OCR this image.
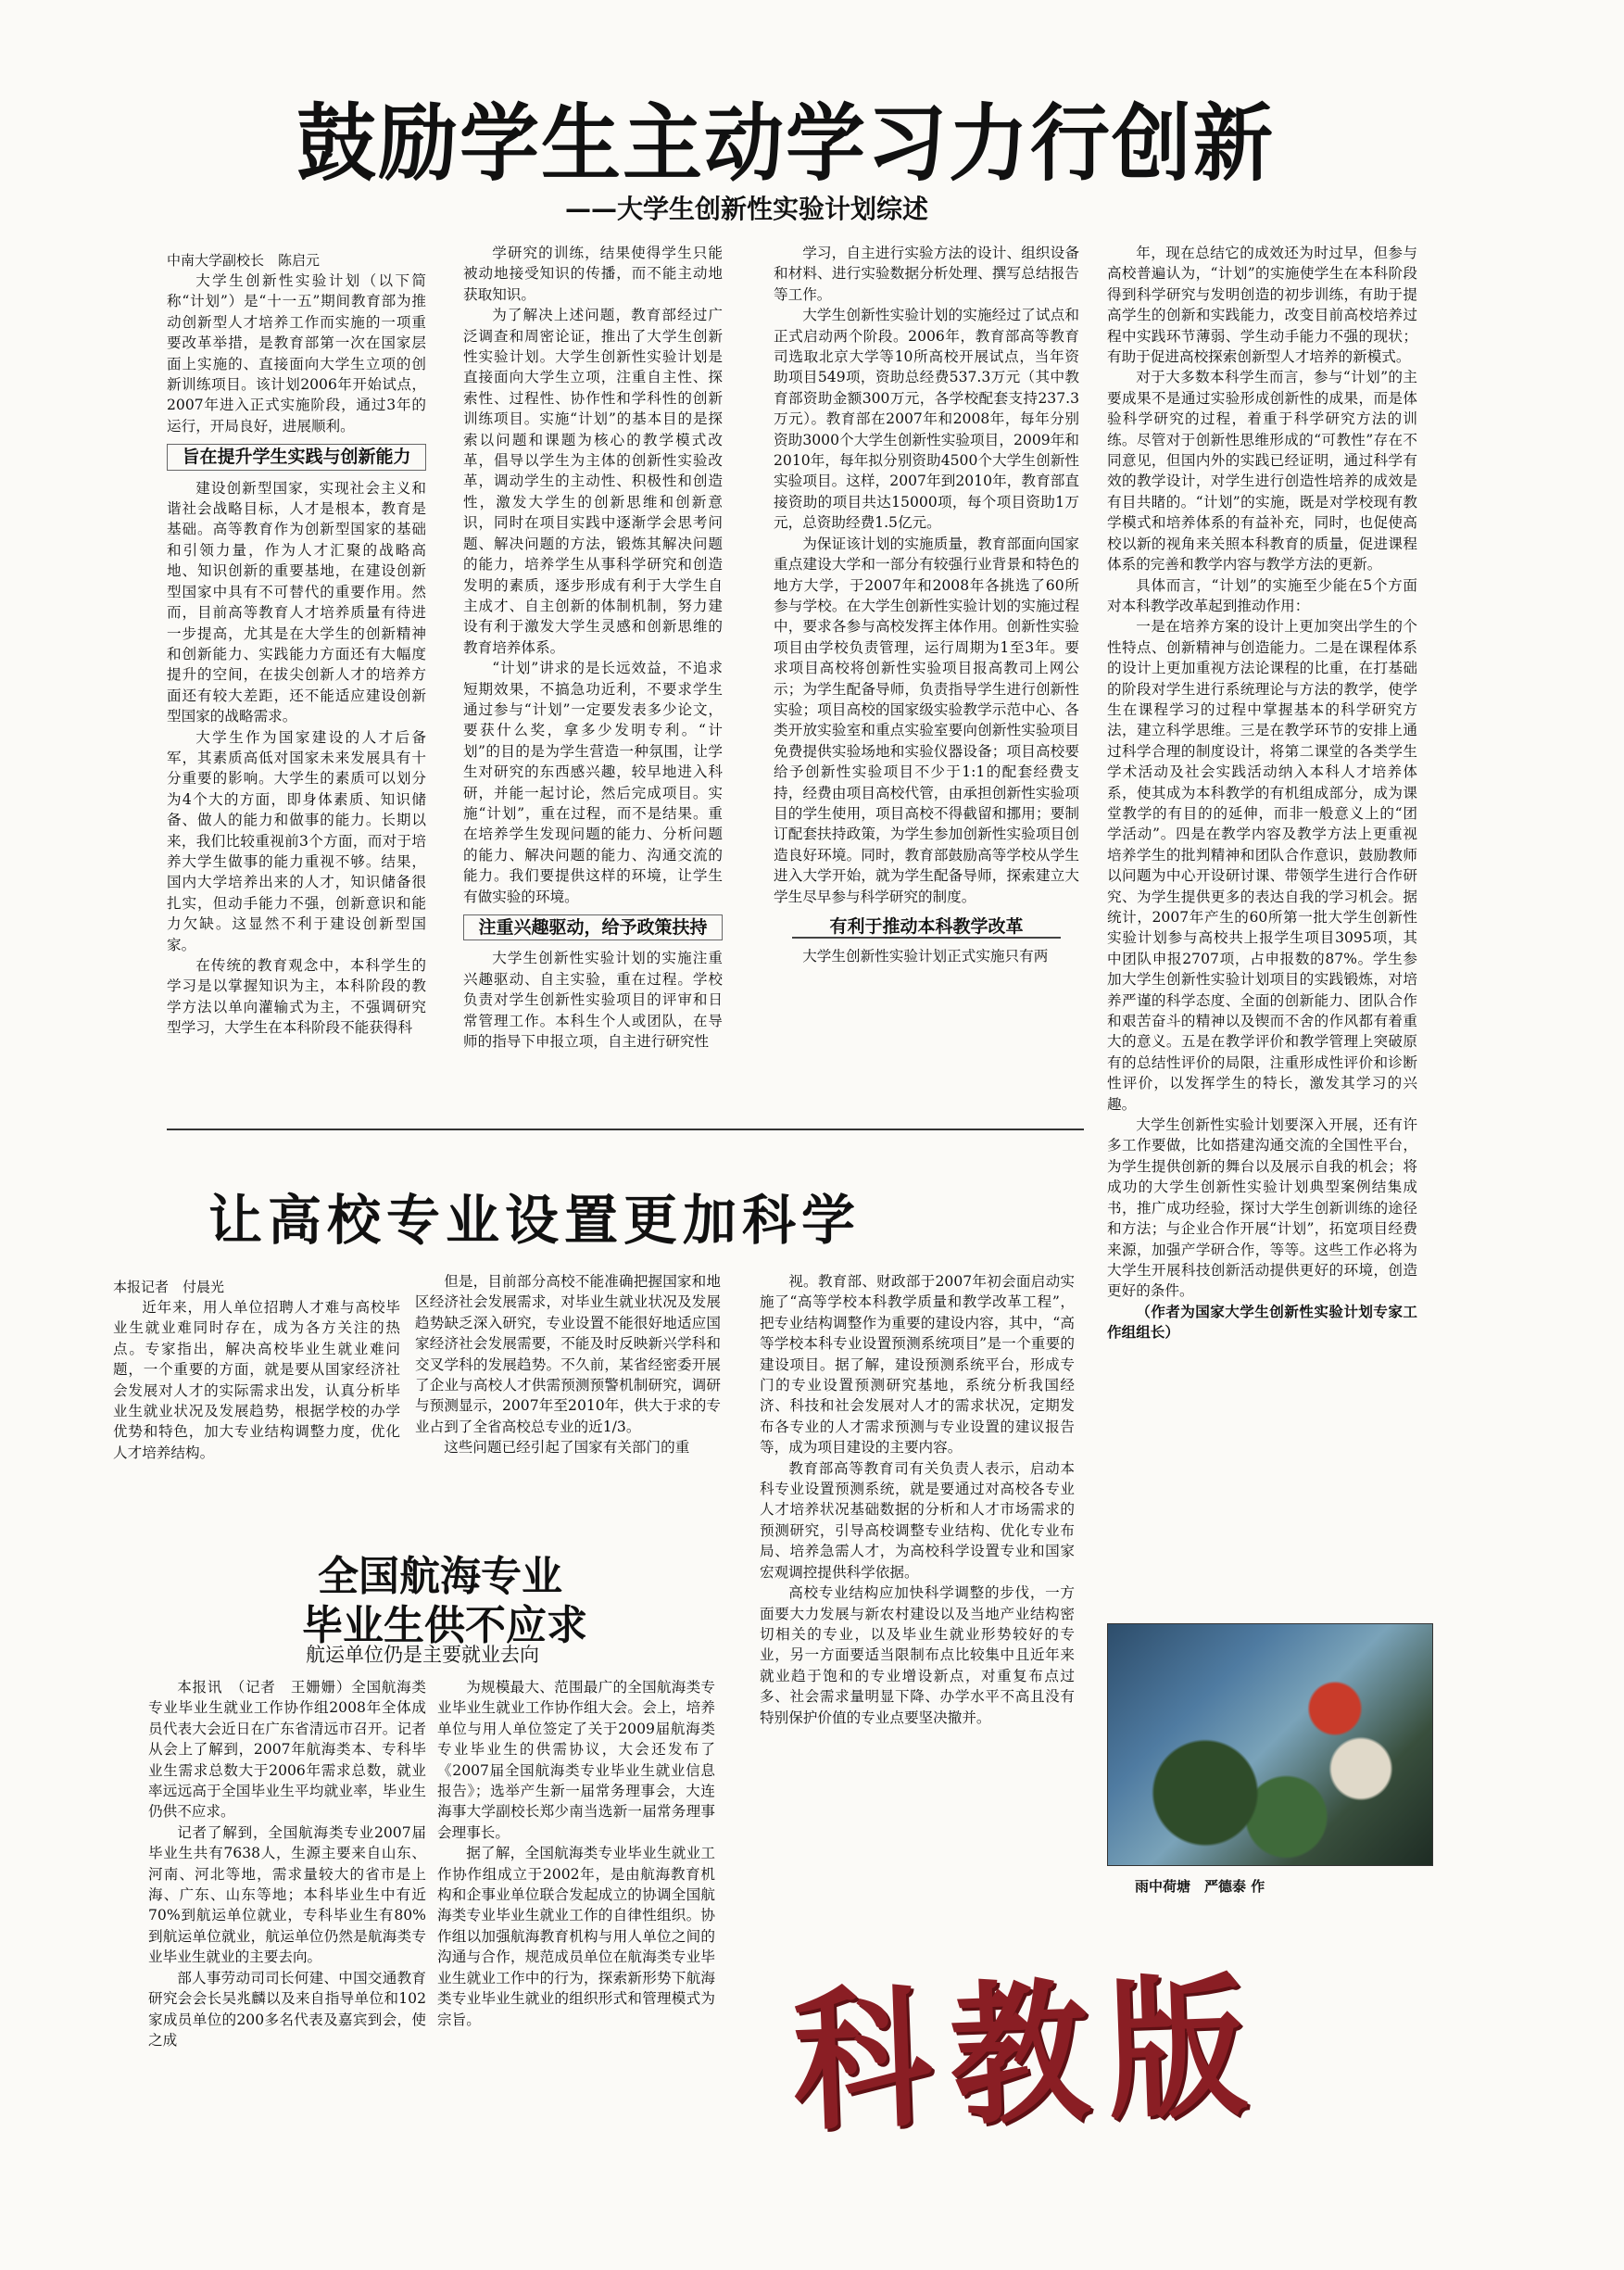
鼓励学生主动学习力行创新
——大学生创新性实验计划综述

中南大学副校长　陈启元

大学生创新性实验计划（以下简称“计划”）是“十一五”期间教育部为推动创新型人才培养工作而实施的一项重要改革举措，是教育部第一次在国家层面上实施的、直接面向大学生立项的创新训练项目。该计划2006年开始试点，2007年进入正式实施阶段，通过3年的运行，开局良好，进展顺利。

旨在提升学生实践与创新能力

建设创新型国家，实现社会主义和谐社会战略目标，人才是根本，教育是基础。高等教育作为创新型国家的基础和引领力量，作为人才汇聚的战略高地、知识创新的重要基地，在建设创新型国家中具有不可替代的重要作用。然而，目前高等教育人才培养质量有待进一步提高，尤其是在大学生的创新精神和创新能力、实践能力方面还有大幅度提升的空间，在拔尖创新人才的培养方面还有较大差距，还不能适应建设创新型国家的战略需求。

大学生作为国家建设的人才后备军，其素质高低对国家未来发展具有十分重要的影响。大学生的素质可以划分为4个大的方面，即身体素质、知识储备、做人的能力和做事的能力。长期以来，我们比较重视前3个方面，而对于培养大学生做事的能力重视不够。结果，国内大学培养出来的人才，知识储备很扎实，但动手能力不强，创新意识和能力欠缺。这显然不利于建设创新型国家。

在传统的教育观念中，本科学生的学习是以掌握知识为主，本科阶段的教学方法以单向灌输式为主，不强调研究型学习，大学生在本科阶段不能获得科

学研究的训练，结果使得学生只能被动地接受知识的传播，而不能主动地获取知识。

为了解决上述问题，教育部经过广泛调查和周密论证，推出了大学生创新性实验计划。大学生创新性实验计划是直接面向大学生立项，注重自主性、探索性、过程性、协作性和学科性的创新训练项目。实施“计划”的基本目的是探索以问题和课题为核心的教学模式改革，倡导以学生为主体的创新性实验改革，调动学生的主动性、积极性和创造性，激发大学生的创新思维和创新意识，同时在项目实践中逐渐学会思考问题、解决问题的方法，锻炼其解决问题的能力，培养学生从事科学研究和创造发明的素质，逐步形成有利于大学生自主成才、自主创新的体制机制，努力建设有利于激发大学生灵感和创新思维的教育培养体系。

“计划”讲求的是长远效益，不追求短期效果，不搞急功近利，不要求学生通过参与“计划”一定要发表多少论文，要获什么奖，拿多少发明专利。“计划”的目的是为学生营造一种氛围，让学生对研究的东西感兴趣，较早地进入科研，并能一起讨论，然后完成项目。实施“计划”，重在过程，而不是结果。重在培养学生发现问题的能力、分析问题的能力、解决问题的能力、沟通交流的能力。我们要提供这样的环境，让学生有做实验的环境。

注重兴趣驱动，给予政策扶持

大学生创新性实验计划的实施注重兴趣驱动、自主实验，重在过程。学校负责对学生创新性实验项目的评审和日常管理工作。本科生个人或团队，在导师的指导下申报立项，自主进行研究性

学习，自主进行实验方法的设计、组织设备和材料、进行实验数据分析处理、撰写总结报告等工作。

大学生创新性实验计划的实施经过了试点和正式启动两个阶段。2006年，教育部高等教育司选取北京大学等10所高校开展试点，当年资助项目549项，资助总经费537.3万元（其中教育部资助金额300万元，各学校配套支持237.3万元）。教育部在2007年和2008年，每年分别资助3000个大学生创新性实验项目，2009年和2010年，每年拟分别资助4500个大学生创新性实验项目。这样，2007年到2010年，教育部直接资助的项目共达15000项，每个项目资助1万元，总资助经费1.5亿元。

为保证该计划的实施质量，教育部面向国家重点建设大学和一部分有较强行业背景和特色的地方大学，于2007年和2008年各挑选了60所参与学校。在大学生创新性实验计划的实施过程中，要求各参与高校发挥主体作用。创新性实验项目由学校负责管理，运行周期为1至3年。要求项目高校将创新性实验项目报高教司上网公示；为学生配备导师，负责指导学生进行创新性实验；项目高校的国家级实验教学示范中心、各类开放实验室和重点实验室要向创新性实验项目免费提供实验场地和实验仪器设备；项目高校要给予创新性实验项目不少于1:1的配套经费支持，经费由项目高校代管，由承担创新性实验项目的学生使用，项目高校不得截留和挪用；要制订配套扶持政策，为学生参加创新性实验项目创造良好环境。同时，教育部鼓励高等学校从学生进入大学开始，就为学生配备导师，探索建立大学生尽早参与科学研究的制度。

有利于推动本科教学改革

大学生创新性实验计划正式实施只有两

年，现在总结它的成效还为时过早，但参与高校普遍认为，“计划”的实施使学生在本科阶段得到科学研究与发明创造的初步训练，有助于提高学生的创新和实践能力，改变目前高校培养过程中实践环节薄弱、学生动手能力不强的现状；有助于促进高校探索创新型人才培养的新模式。

对于大多数本科学生而言，参与“计划”的主要成果不是通过实验形成创新性的成果，而是体验科学研究的过程，着重于科学研究方法的训练。尽管对于创新性思维形成的“可教性”存在不同意见，但国内外的实践已经证明，通过科学有效的教学设计，对学生进行创造性培养的成效是有目共睹的。“计划”的实施，既是对学校现有教学模式和培养体系的有益补充，同时，也促使高校以新的视角来关照本科教育的质量，促进课程体系的完善和教学内容与教学方法的更新。

具体而言，“计划”的实施至少能在5个方面对本科教学改革起到推动作用：

一是在培养方案的设计上更加突出学生的个性特点、创新精神与创造能力。二是在课程体系的设计上更加重视方法论课程的比重，在打基础的阶段对学生进行系统理论与方法的教学，使学生在课程学习的过程中掌握基本的科学研究方法，建立科学思维。三是在教学环节的安排上通过科学合理的制度设计，将第二课堂的各类学生学术活动及社会实践活动纳入本科人才培养体系，使其成为本科教学的有机组成部分，成为课堂教学的有目的的延伸，而非一般意义上的“团学活动”。四是在教学内容及教学方法上更重视培养学生的批判精神和团队合作意识，鼓励教师以问题为中心开设研讨课、带领学生进行合作研究、为学生提供更多的表达自我的学习机会。据统计，2007年产生的60所第一批大学生创新性实验计划参与高校共上报学生项目3095项，其中团队申报2707项，占申报数的87%。学生参加大学生创新性实验计划项目的实践锻炼，对培养严谨的科学态度、全面的创新能力、团队合作和艰苦奋斗的精神以及锲而不舍的作风都有着重大的意义。五是在教学评价和教学管理上突破原有的总结性评价的局限，注重形成性评价和诊断性评价，以发挥学生的特长，激发其学习的兴趣。

大学生创新性实验计划要深入开展，还有许多工作要做，比如搭建沟通交流的全国性平台，为学生提供创新的舞台以及展示自我的机会；将成功的大学生创新性实验计划典型案例结集成书，推广成功经验，探讨大学生创新训练的途径和方法；与企业合作开展“计划”，拓宽项目经费来源，加强产学研合作，等等。这些工作必将为大学生开展科技创新活动提供更好的环境，创造更好的条件。

（作者为国家大学生创新性实验计划专家工作组组长）

让高校专业设置更加科学

本报记者　付晨光

近年来，用人单位招聘人才难与高校毕业生就业难同时存在，成为各方关注的热点。专家指出，解决高校毕业生就业难问题，一个重要的方面，就是要从国家经济社会发展对人才的实际需求出发，认真分析毕业生就业状况及发展趋势，根据学校的办学优势和特色，加大专业结构调整力度，优化人才培养结构。

但是，目前部分高校不能准确把握国家和地区经济社会发展需求，对毕业生就业状况及发展趋势缺乏深入研究，专业设置不能很好地适应国家经济社会发展需要，不能及时反映新兴学科和交叉学科的发展趋势。不久前，某省经密委开展了企业与高校人才供需预测预警机制研究，调研与预测显示，2007年至2010年，供大于求的专业占到了全省高校总专业的近1/3。

这些问题已经引起了国家有关部门的重

视。教育部、财政部于2007年初会面启动实施了“高等学校本科教学质量和教学改革工程”，把专业结构调整作为重要的建设内容，其中，“高等学校本科专业设置预测系统项目”是一个重要的建设项目。据了解，建设预测系统平台，形成专门的专业设置预测研究基地，系统分析我国经济、科技和社会发展对人才的需求状况，定期发布各专业的人才需求预测与专业设置的建议报告等，成为项目建设的主要内容。

教育部高等教育司有关负责人表示，启动本科专业设置预测系统，就是要通过对高校各专业人才培养状况基础数据的分析和人才市场需求的预测研究，引导高校调整专业结构、优化专业布局、培养急需人才，为高校科学设置专业和国家宏观调控提供科学依据。

高校专业结构应加快科学调整的步伐，一方面要大力发展与新农村建设以及当地产业结构密切相关的专业，以及毕业生就业形势较好的专业，另一方面要适当限制布点比较集中且近年来就业趋于饱和的专业增设新点，对重复布点过多、社会需求量明显下降、办学水平不高且没有特别保护价值的专业点要坚决撤并。

全国航海专业
毕业生供不应求
航运单位仍是主要就业去向

本报讯　（记者　王姗姗）全国航海类专业毕业生就业工作协作组2008年全体成员代表大会近日在广东省清远市召开。记者从会上了解到，2007年航海类本、专科毕业生需求总数大于2006年需求总数，就业率远远高于全国毕业生平均就业率，毕业生仍供不应求。

记者了解到，全国航海类专业2007届毕业生共有7638人，生源主要来自山东、河南、河北等地，需求量较大的省市是上海、广东、山东等地；本科毕业生中有近70%到航运单位就业，专科毕业生有80%到航运单位就业，航运单位仍然是航海类专业毕业生就业的主要去向。

部人事劳动司司长何建、中国交通教育研究会会长吴兆麟以及来自指导单位和102家成员单位的200多名代表及嘉宾到会，使之成

为规模最大、范围最广的全国航海类专业毕业生就业工作协作组大会。会上，培养单位与用人单位签定了关于2009届航海类专业毕业生的供需协议，大会还发布了《2007届全国航海类专业毕业生就业信息报告》；选举产生新一届常务理事会，大连海事大学副校长郑少南当选新一届常务理事会理事长。

据了解，全国航海类专业毕业生就业工作协作组成立于2002年，是由航海教育机构和企事业单位联合发起成立的协调全国航海类专业毕业生就业工作的自律性组织。协作组以加强航海教育机构与用人单位之间的沟通与合作，规范成员单位在航海类专业毕业生就业工作中的行为，探索新形势下航海类专业毕业生就业的组织形式和管理模式为宗旨。

雨中荷塘　严德泰 作
科教版
